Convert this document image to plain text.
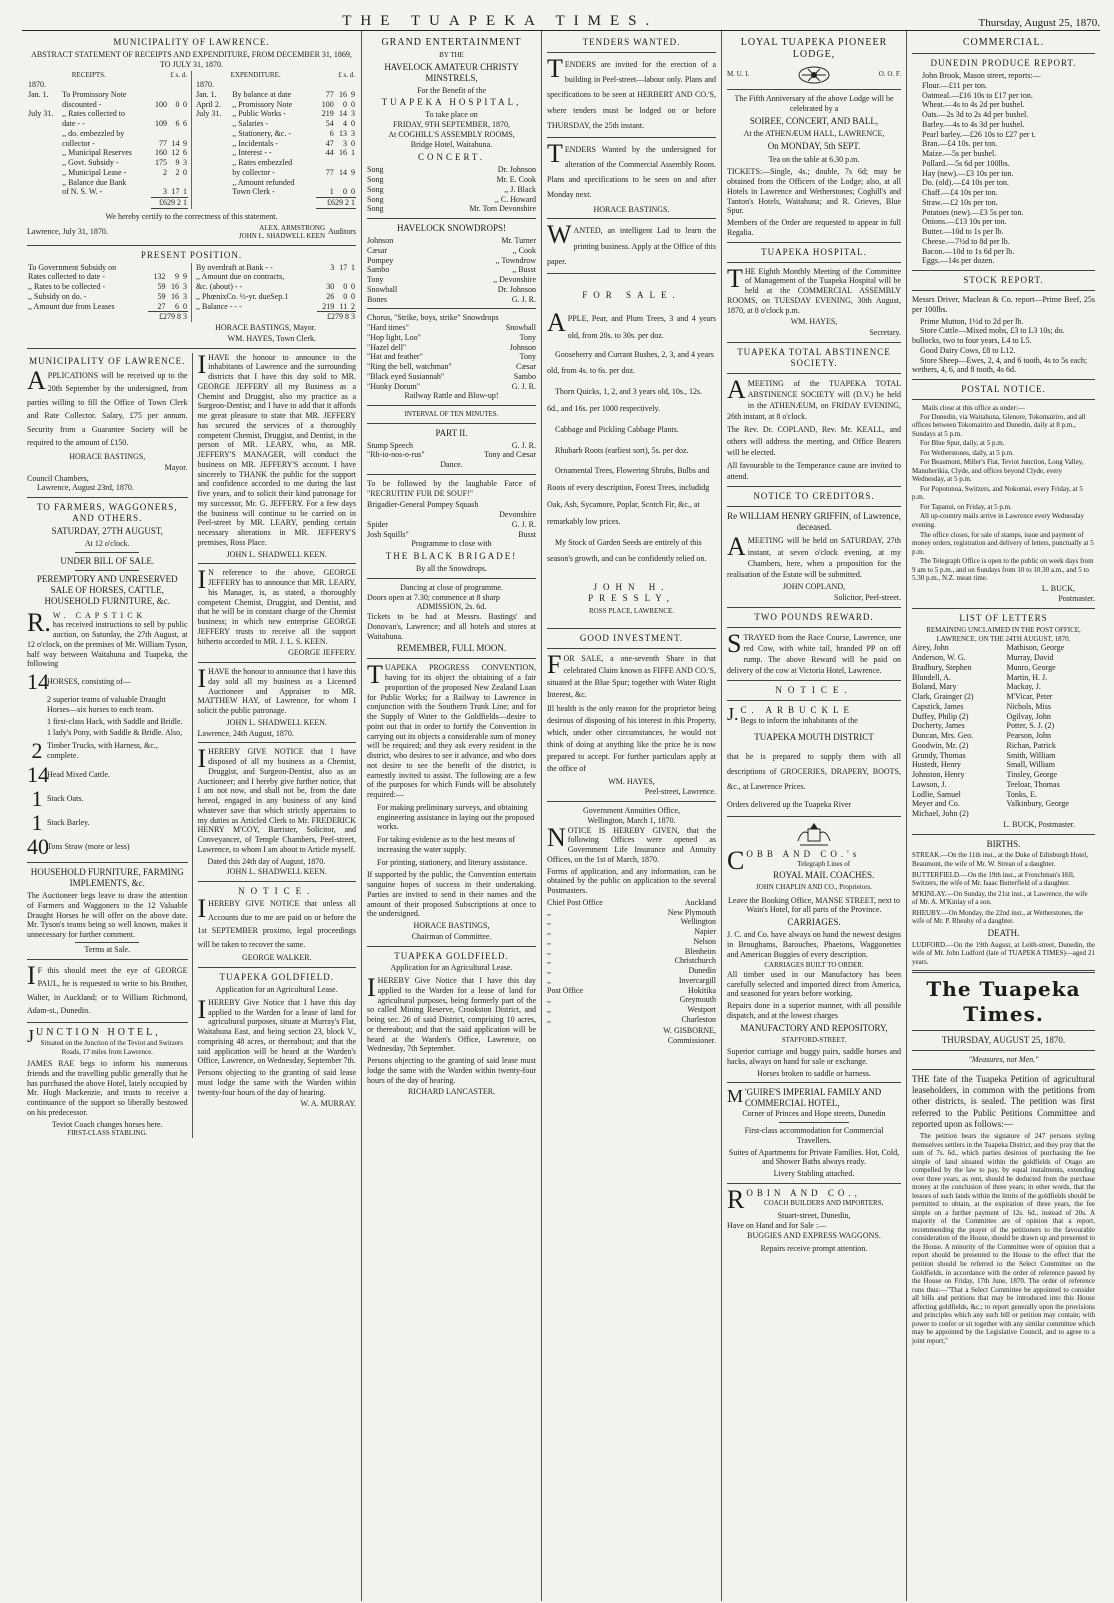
THE TUAPEKA TIMES.	Thursday, August 25, 1870.
MUNICIPALITY OF LAWRENCE.

ABSTRACT STATEMENT OF RECEIPTS AND EXPENDITURE, FROM DECEMBER 31, 1869, TO JULY 31, 1870.

RECEIPTS.		£ s. d.		
1870.				
Jan. 1.	To Promissory Note			
	discounted -	100	0	0
July 31.	,, Rates collected to			
	date - -	109	6	6
	,, do. embezzled by			
	collector -	77	14	9
	,, Municipal Reserves	160	12	6
	,, Govt. Subsidy -	175	9	3
	,, Municipal Lease -	2	2	0
	,, Balance due Bank			
	of N. S. W. -	3	17	1
		£629 2 1		
EXPENDITURE.		£ s. d.		
1870.				
Jan. 1.	By balance at date	77	16	9
April 2.	,, Promissory Note	100	0	0
July 31.	,, Public Works -	219	14	3
	,, Salaries -	54	4	0
	,, Stationery, &c. -	6	13	3
	,, Incidentals -	47	3	0
	,, Interest - -	44	16	1
	,, Rates embezzled			
	by collector -	77	14	9
	,, Amount refunded			
	Town Clerk -	1	0	0
		£629 2 1		

We hereby certify to the correctness of this statement.

Lawrence, July 31, 1870.	ALEX. ARMSTRONG
JOHN L. SHADWELL KEEN Auditors
PRESENT POSITION.
To Government Subsidy on			
Rates collected to date -	132	9	9
,, Rates to be collected -	59	16	3
,, Subsidy on do. -	59	16	3
,, Amount due from Leases	27	6	0
	£279 8 3		
By overdraft at Bank - -	3	17	1
,, Amount due on contracts,			
&c. (about) - -	30	0	0
,, PhœnixCo. ½-yr. dueSep.1	26	0	0
,, Balance - - -	219	11	2
	£279 8 3		
HORACE BASTINGS, Mayor.
WM. HAYES, Town Clerk.
MUNICIPALITY OF LAWRENCE.

APPLICATIONS will be received up to the 20th September by the undersigned, from parties willing to fill the Office of Town Clerk and Rate Collector. Salary, £75 per annum. Security from a Guarantee Society will be required to the amount of £150.

HORACE BASTINGS,
Mayor.
Council Chambers,
Lawrence, August 23rd, 1870.
TO FARMERS, WAGGONERS, AND OTHERS.
SATURDAY, 27TH AUGUST,
At 12 o'clock.
UNDER BILL OF SALE.
PEREMPTORY AND UNRESERVED SALE OF HORSES, CATTLE, HOUSEHOLD FURNITURE, &c.

R. W. CAPSTICK
has received instructions to sell by public auction, on Saturday, the 27th August, at 12 o'clock, on the premises of Mr. William Tyson, half way between Waitahuna and Tuapeka, the following

14
HORSES, consisting of—
2 superior teams of valuable Draught Horses—six horses to each team.
1 first-class Hack, with Saddle and Bridle.
1 lady's Pony, with Saddle & Bridle. Also,
2 Timber Trucks, with Harness, &c., complete.
14
Head Mixed Cattle.
1 Stack Oats.
1 Stack Barley.
40
Tons Straw (more or less)
HOUSEHOLD FURNITURE, FARMING IMPLEMENTS, &c.

The Auctioneer begs leave to draw the attention of Farmers and Waggoners to the 12 Valuable Draught Horses he will offer on the above date. Mr. Tyson's teams being so well known, makes it unnecessary for further comment.

Terms at Sale.

I F this should meet the eye of GEORGE PAUL, he is requested to write to his Brother, Walter, in Auckland; or to William Richmond, Adam-st., Dunedin.

JUNCTION HOTEL,
Situated on the Junction of the Teviot and Switzers Roads, 17 miles from Lawrence.

JAMES RAE begs to inform his numerous friends and the travelling public generally that he has purchased the above Hotel, lately occupied by Mr. Hugh Mackenzie, and trusts to receive a continuance of the support so liberally bestowed on his predecessor.

Teviot Coach changes horses here.
FIRST-CLASS STABLING.

IHAVE the honour to announce to the inhabitants of Lawrence and the surrounding districts that I have this day sold to MR. GEORGE JEFFERY all my Business as a Chemist and Druggist, also my practice as a Surgeon-Dentist; and I have to add that it affords me great pleasure to state that MR. JEFFERY has secured the services of a thoroughly competent Chemist, Druggist, and Dentist, in the person of MR. LEARY, who, as MR. JEFFERY'S MANAGER, will conduct the business on MR. JEFFERY'S account. I have sincerely to THANK the public for the support and confidence accorded to me during the last five years, and to solicit their kind patronage for my successor, Mr. G. JEFFERY. For a few days the business will continue to be carried on in Peel-street by MR. LEARY, pending certain necessary alterations in MR. JEFFERY'S premises, Ross Place.

JOHN L. SHADWELL KEEN.

I N reference to the above, GEORGE JEFFERY has to announce that MR. LEARY, his Manager, is, as stated, a thoroughly competent Chemist, Druggist, and Dentist, and that he will be in constant charge of the Chemist business; in which new enterprise GEORGE JEFFERY trusts to receive all the support hitherto accorded to MR. J. L. S. KEEN.

GEORGE JEFFERY.

IHAVE the honour to announce that I have this day sold all my business as a Licensed Auctioneer and Appraiser to MR. MATTHEW HAY, of Lawrence, for whom I solicit the public patronage.

JOHN L. SHADWELL KEEN.
Lawrence, 24th August, 1870.

IHEREBY GIVE NOTICE that I have disposed of all my business as a Chemist, Druggist, and Surgeon-Dentist, also as an Auctioneer; and I hereby give further notice, that I am not now, and shall not be, from the date hereof, engaged in any business of any kind whatever save that which strictly appertains to my duties as Articled Clerk to Mr. FREDERICK HENRY M'COY, Barrister, Solicitor, and Conveyancer, of Temple Chambers, Peel-street, Lawrence, to whom I am about to Article myself.

Dated this 24th day of August, 1870.
JOHN L. SHADWELL KEEN.
NOTICE.

IHEREBY GIVE NOTICE that unless all Accounts due to me are paid on or before the 1st SEPTEMBER proximo, legal proceedings will be taken to recover the same.

GEORGE WALKER.
TUAPEKA GOLDFIELD.
Application for an Agricultural Lease.

IHEREBY Give Notice that I have this day applied to the Warden for a lease of land for agricultural purposes, situate at Murray's Flat, Waitahuna East, and being section 23, block V., comprising 48 acres, or thereabout; and that the said application will be heard at the Warden's Office, Lawrence, on Wednesday, September 7th.

Persons objecting to the granting of said lease must lodge the same with the Warden within twenty-four hours of the day of hearing.

W. A. MURRAY.
GRAND ENTERTAINMENT
BY THE
HAVELOCK AMATEUR CHRISTY MINSTRELS,
For the Benefit of the
TUAPEKA HOSPITAL,
To take place on
FRIDAY, 9TH SEPTEMBER, 1870,
At COGHILL'S ASSEMBLY ROOMS,
Bridge Hotel, Waitahuna.
CONCERT.
Song	Dr. Johnson
Song	Mr. E. Cook
Song	,, J. Black
Song	,, C. Howard
Song	Mr. Tom Devonshire
HAVELOCK SNOWDROPS!
Johnson	Mr. Turner
Cæsar	,, Cook
Pompey	,, Towndrow
Sambo	,, Busst
Tony	,, Devonshire
Snowball	Dr. Johnson
Bones	G. J. R.
Chorus, "Strike, boys, strike" Snowdrops
"Hard times"	Snowball
"Hop light, Loo"	Tony
"Hazel dell"	Johnson
"Hat and feather"	Tony
"Ring the bell, watchman"	Cæsar
"Black eyed Susiannah"	Sambo
"Hunky Dorum"	G. J. R.
Railway Rattle and Blow-up!
INTERVAL OF TEN MINUTES.
PART II.
Stump Speech	G. J. R.
"Rh-io-nos-o-rus"	Tony and Cæsar
Dance.

To be followed by the laughable Farce of "RECRUITIN' FUR DE SOUF!"

Brigadier-General Pompey Squash
Devonshire
Spider	G. J. R.
Josh Squills"	Busst
Programme to close with
THE BLACK BRIGADE!
By all the Snowdrops.
Dancing at close of programme.
Doors open at 7.30; commence at 8 sharp
ADMISSION, 2s. 6d.

Tickets to be had at Messrs. Bastings' and Donovan's, Lawrence; and all hotels and stores at Waitahuna.

REMEMBER, FULL MOON.

TUAPEKA PROGRESS CONVENTION, having for its object the obtaining of a fair proportion of the proposed New Zealand Loan for Public Works; for a Railway to Lawrence in conjunction with the Southern Trunk Line; and for the Supply of Water to the Goldfields—desire to point out that in order to fortify the Convention in carrying out its objects a considerable sum of money will be required; and they ask every resident in the district, who desires to see it advance, and who does not desire to see the benefit of the district, is earnestly invited to assist. The following are a few of the purposes for which Funds will be absolutely required:—

For making preliminary surveys, and obtaining engineering assistance in laying out the proposed works.
For taking evidence as to the best means of increasing the water supply.
For printing, stationery, and literary assistance.

If supported by the public, the Convention entertain sanguine hopes of success in their undertaking. Parties are invited to send in their names and the amount of their proposed Subscriptions at once to the undersigned.

HORACE BASTINGS,
Chairman of Committee.
TUAPEKA GOLDFIELD.
Application for an Agricultural Lease.

IHEREBY Give Notice that I have this day applied to the Warden for a lease of land for agricultural purposes, being formerly part of the so called Mining Reserve, Crookston District, and being sec. 26 of said District, comprising 10 acres, or thereabout; and that the said application will be heard at the Warden's Office, Lawrence, on Wednesday, 7th September.

Persons objecting to the granting of said lease must lodge the same with the Warden within twenty-four hours of the day of hearing.

RICHARD LANCASTER.
TENDERS WANTED.

TENDERS are invited for the erection of a building in Peel-street—labour only. Plans and specifications to be seen at HERBERT AND CO.'S, where tenders must be lodged on or before THURSDAY, the 25th instant.

TENDERS Wanted by the undersigned for alteration of the Commercial Assembly Room. Plans and specifications to be seen on and after Monday next.

HORACE BASTINGS.

WANTED, an intelligent Lad to learn the printing business. Apply at the Office of this paper.

FOR SALE.

APPLE, Pear, and Plum Trees, 3 and 4 years old, from 20s. to 30s. per doz.

Gooseberry and Currant Bushes, 2, 3, and 4 years old, from 4s. to 6s. per doz.
Thorn Quicks, 1, 2, and 3 years old, 10s., 12s. 6d., and 16s. per 1000 respectively.
Cabbage and Pickling Cabbage Plants.
Rhubarb Roots (earliest sort), 5s. per doz.
Ornamental Trees, Flowering Shrubs, Bulbs and Roots of every description, Forest Trees, includidg Oak, Ash, Sycamore, Poplar, Scotch Fir, &c., at remarkably low prices.
My Stock of Garden Seeds are entirely of this season's growth, and can be confidently relied on.
JOHN H. PRESSLY,
ROSS PLACE, LAWRENCE.
GOOD INVESTMENT.

FOR SALE, a one-seventh Share in that celebrated Claim known as FIFFE AND CO.'S, situated at the Blue Spur; together with Water Right Interest, &c.

Ill health is the only reason for the proprietor being desirous of disposing of his interest in this Property, which, under other circumstances, he would not think of doing at anything like the price he is now prepared to accept. For further particulars apply at the office of

WM. HAYES,
Peel-street, Lawrence.
Government Annuities Office,
Wellington, March 1, 1870.

NOTICE IS HEREBY GIVEN, that the following Offices were opened as Government Life Insurance and Annuity Offices, on the 1st of March, 1870.

Forms of application, and any information, can be obtained by the public on application to the several Postmasters.

Chief Post Office	Auckland
,,	New Plymouth
,,	Wellington
,,	Napier
,,	Nelson
,,	Blenheim
,,	Christchurch
,,	Dunedin
,,	Invercargill
Post Office	Hokitika
,,	Greymouth
,,	Westport
,,	Charleston
W. GISBORNE,
Commissioner.
LOYAL TUAPEKA PIONEER LODGE,
M. U. I.	O. O. F.

The Fifth Anniversary of the above Lodge will be celebrated by a

SOIREE, CONCERT, AND BALL,
At the ATHENÆUM HALL, LAWRENCE,
On MONDAY, 5th SEPT.
Tea on the table at 6.30 p.m.

TICKETS:—Single, 4s.; double, 7s 6d; may be obtained from the Officers of the Lodge; also, at all Hotels in Lawrence and Wetherstones; Coghill's and Tanton's Hotels, Waitahuna; and R. Grieves, Blue Spur.

Members of the Order are requested to appear in full Regalia.

TUAPEKA HOSPITAL.

THE Eighth Monthly Meeting of the Committee of Management of the Tuapeka Hospital will be held at the COMMERCIAL ASSEMBLY ROOMS, on TUESDAY EVENING, 30th August, 1870, at 8 o'clock p.m.

WM. HAYES,
Secretary.
TUAPEKA TOTAL ABSTINENCE SOCIETY.

AMEETING of the TUAPEKA TOTAL ABSTINENCE SOCIETY will (D.V.) be held in the ATHENÆUM, on FRIDAY EVENING, 26th instant, at 8 o'clock.

The Rev. Dr. COPLAND, Rev. Mr. KEALL, and others will address the meeting, and Office Bearers will be elected.

All favourable to the Temperance cause are invited to attend.

NOTICE TO CREDITORS.

Re WILLIAM HENRY GRIFFIN, of Lawrence, deceased.

AMEETING will be held on SATURDAY, 27th instant, at seven o'clock evening, at my Chambers, here, when a proposition for the realisation of the Estate will be submitted.

JOHN COPLAND,
Solicitor, Peel-street.
TWO POUNDS REWARD.

STRAYED from the Race Course, Lawrence, one red Cow, with white tail, branded PP on off rump. The above Reward will be paid on delivery of the cow at Victoria Hotel, Lawrence.

NOTICE.
J. C. ARBUCKLE
Begs to inform the inhabitants of the
TUAPEKA MOUTH DISTRICT

that he is prepared to supply them with all descriptions of GROCERIES, DRAPERY, BOOTS, &c., at Lawrence Prices.

Orders delivered up the Tuapeka River

COBB AND CO.'s
Telegraph Lines of
ROYAL MAIL COACHES.
JOHN CHAPLIN AND CO., Proprietors.

Leave the Booking Office, MANSE STREET, next to Wain's Hotel, for all parts of the Province.

CARRIAGES.

J. C. and Co. have always on hand the newest designs in Broughams, Barouches, Phaetons, Waggonettes and American Buggies of every description.

CARRIAGES BUILT TO ORDER.

All timber used in our Manufactory has been carefully selected and imported direct from America, and seasoned for years before working.

Repairs done in a superior manner, with all possible dispatch, and at the lowest charges

MANUFACTORY AND REPOSITORY,
STAFFORD-STREET.

Superior carriage and buggy pairs, saddle horses and hacks, always on hand for sale or exchange.

Horses broken to saddle or harness.
M 'GUIRE'S IMPERIAL FAMILY AND COMMERCIAL HOTEL,
Corner of Princes and Hope streets, Dunedin

First-class accommodation for Commercial Travellers.

Suites of Apartments for Private Families. Hot, Cold, and Shower Baths always ready.

Livery Stabling attached.
ROBIN AND CO.,
COACH BUILDERS AND IMPORTERS,
Stuart-street, Dunedin,
Have on Hand and for Sale :—
BUGGIES AND EXPRESS WAGGONS.
Repairs receive prompt attention.
COMMERCIAL.
DUNEDIN PRODUCE REPORT.
John Brook, Mason street, reports:—
Flour.—£11 per ton.
Oatmeal.—£16 10s to £17 per ton.
Wheat.—4s to 4s 2d per bushel.
Oats.—2s 3d to 2s 4d per bushel.
Barley.—4s to 4s 3d per bushel.
Pearl barley.—£26 10s to £27 per t.
Bran.—£4 10s. per ton.
Maize.—5s per bushel.
Pollard.—5s 6d per 100lbs.
Hay (new).—£3 10s per ton.
Do. (old).—£4 10s per ton.
Chaff.—£4 10s per ton.
Straw.—£2 10s per ton.
Potatoes (new).—£3 5s per ton.
Onions.—£13 10s per ton.
Butter.—10d to 1s per lb.
Cheese.—7½d to 8d per lb.
Bacon.—10d to 1s 6d per lb.
Eggs.—14s per dozen.
STOCK REPORT.

Messrs Driver, Maclean & Co. report—Prime Beef, 25s per 100lbs.

Prime Mutton, 1½d to 2d per lb.
Store Cattle—Mixed mobs, £3 to L3 10s; do. bullocks, two to four years, L4 to L5.
Good Dairy Cows, £8 to L12.
Store Sheep—Ewes, 2, 4, and 6 tooth, 4s to 5s each; wethers, 4, 6, and 8 tooth, 4s 6d.
POSTAL NOTICE.
Mails close at this office as under:—
For Dunedin, via Waitahuna, Glenore, Tokomairiro, and all offices between Tokomairiro and Dunedin, daily at 8 p.m., Sundays at 5 p.m.
For Blue Spur, daily, at 5 p.m.
For Wetherstones, daily, at 5 p.m.
For Beaumont, Miller's Flat, Teviot Junction, Long Valley, Manuherikia, Clyde, and offices beyond Clyde, every Wednesday, at 5 p.m.
For Popotunoa, Switzers, and Nokomai, every Friday, at 5 p.m.
For Tapanui, on Friday, at 5 p.m.
All up-country mails arrive in Lawrence every Wednesday evening.
The office closes, for sale of stamps, issue and payment of money orders, registration and delivery of letters, punctually at 5 p.m.
The Telegraph Office is open to the public on week days from 9 am to 5 p.m., and on Sundays from 10 to 10.30 a.m., and 5 to 5.30 p.m., N.Z. mean time.
L. BUCK,
Postmaster.
LIST OF LETTERS
REMAINING UNCLAIMED IN THE POST OFFICE, LAWRENCE, ON THE 24TH AUGUST, 1870.
Airey, John
Anderson, W. G.
Bradbury, Stephen
Blundell, A.
Boland, Mary
Clark, Grainger (2)
Capstick, James
Duffey, Philip (2)
Docherty, James
Duncan, Mrs. Geo.
Goodwin, Mr. (2)
Grundy, Thomas
Hustedt, Henry
Johnston, Henry
Lawson, J.
Lodlie, Samuel
Meyer and Co.
Michael, John (2)
Mathison, George
Murray, David
Munro, George
Martin, H. J.
Mackay, J.
M'Vicar, Peter
Nichols, Miss
Ogilvay, John
Potter, S. J. (2)
Pearson, John
Richan, Patrick
Smith, William
Small, William
Tinsley, George
Teeloar, Thomas
Tonks, E.
Valkinbury, George
L. BUCK, Postmaster.
BIRTHS.
STREAK.—On the 11th inst., at the Duke of Edinburgh Hotel, Beaumont, the wife of Mr. W. Strean of a daughter.
BUTTERFIELD.—On the 19th inst., at Frenchman's Hill, Switzers, the wife of Mr. Isaac Butterfield of a daughter.
M'KINLAY.—On Sunday, the 21st inst., at Lawrence, the wife of Mr. A. M'Kinlay of a son.
RHEUBY.—On Monday, the 22nd inst., at Wetherstones, the wife of Mr. P. Rheuby of a daughter.
DEATH.

LUDFORD.—On the 19th August, at Leith-street, Dunedin, the wife of Mr. John Ludford (late of TUAPEKA TIMES)—aged 21 years.

The Tuapeka Times.
THURSDAY, AUGUST 25, 1870.
"Measures, not Men."

THE fate of the Tuapeka Petition of agricultural leaseholders, in common with the petitions from other districts, is sealed. The petition was first referred to the Public Petitions Committee and reported upon as follows:—

The petition bears the signature of 247 persons styling themselves settlers in the Tuapeka District, and they pray that the sum of 7s. 6d., which parties desirous of purchasing the fee simple of land situated within the goldfields of Otago are compelled by the law to pay, by equal instalments, extending over three years, as rent, should be deducted from the purchase money at the conclusion of three years; in other words, that the lessors of such lands within the limits of the goldfields should be permitted to obtain, at the expiration of three years, the fee simple on a further payment of 12s. 6d., instead of 20s. A majority of the Committee are of opinion that a report, recommending the prayer of the petitioners to the favourable consideration of the House, should be drawn up and presented to the House. A minority of the Committee were of opinion that a report should be presented to the House to the effect that the petition should be referred to the Select Committee on the Goldfields, in accordance with the order of reference passed by the House on Friday, 17th June, 1870. The order of reference runs thus:—"That a Select Committee be appointed to consider all bills and petitions that may be introduced into this House affecting goldfields, &c.; to report generally upon the provisions and principles which any such bill or petition may contain; with power to confer or sit together with any similar committee which may be appointed by the Legislative Council, and to agree to a joint report,"
